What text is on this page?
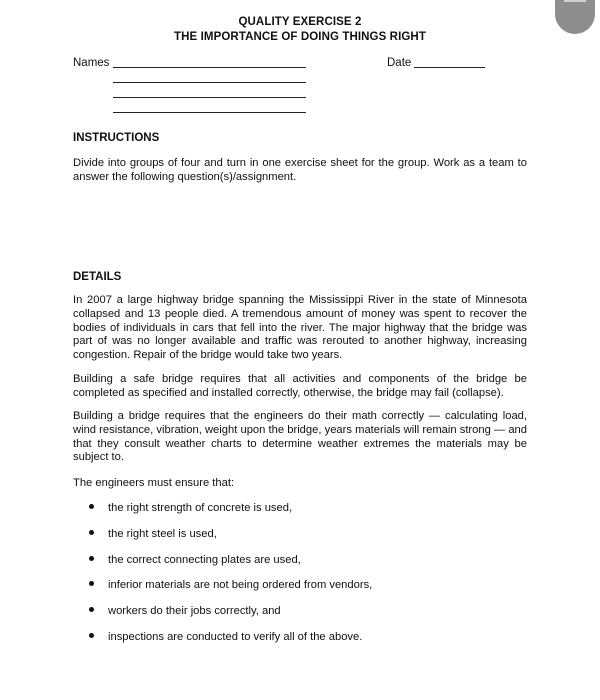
QUALITY EXERCISE 2
THE IMPORTANCE OF DOING THINGS RIGHT
Names	Date
INSTRUCTIONS
Divide into groups of four and turn in one exercise sheet for the group. Work as a team to answer the following question(s)/assignment.
DETAILS
In 2007 a large highway bridge spanning the Mississippi River in the state of Minnesota collapsed and 13 people died. A tremendous amount of money was spent to recover the bodies of individuals in cars that fell into the river. The major highway that the bridge was part of was no longer available and traffic was rerouted to another highway, increasing congestion. Repair of the bridge would take two years.
Building a safe bridge requires that all activities and components of the bridge be completed as specified and installed correctly, otherwise, the bridge may fail (collapse).
Building a bridge requires that the engineers do their math correctly — calculating load, wind resistance, vibration, weight upon the bridge, years materials will remain strong — and that they consult weather charts to determine weather extremes the materials may be subject to.
The engineers must ensure that:
the right strength of concrete is used,
the right steel is used,
the correct connecting plates are used,
inferior materials are not being ordered from vendors,
workers do their jobs correctly, and
inspections are conducted to verify all of the above.
